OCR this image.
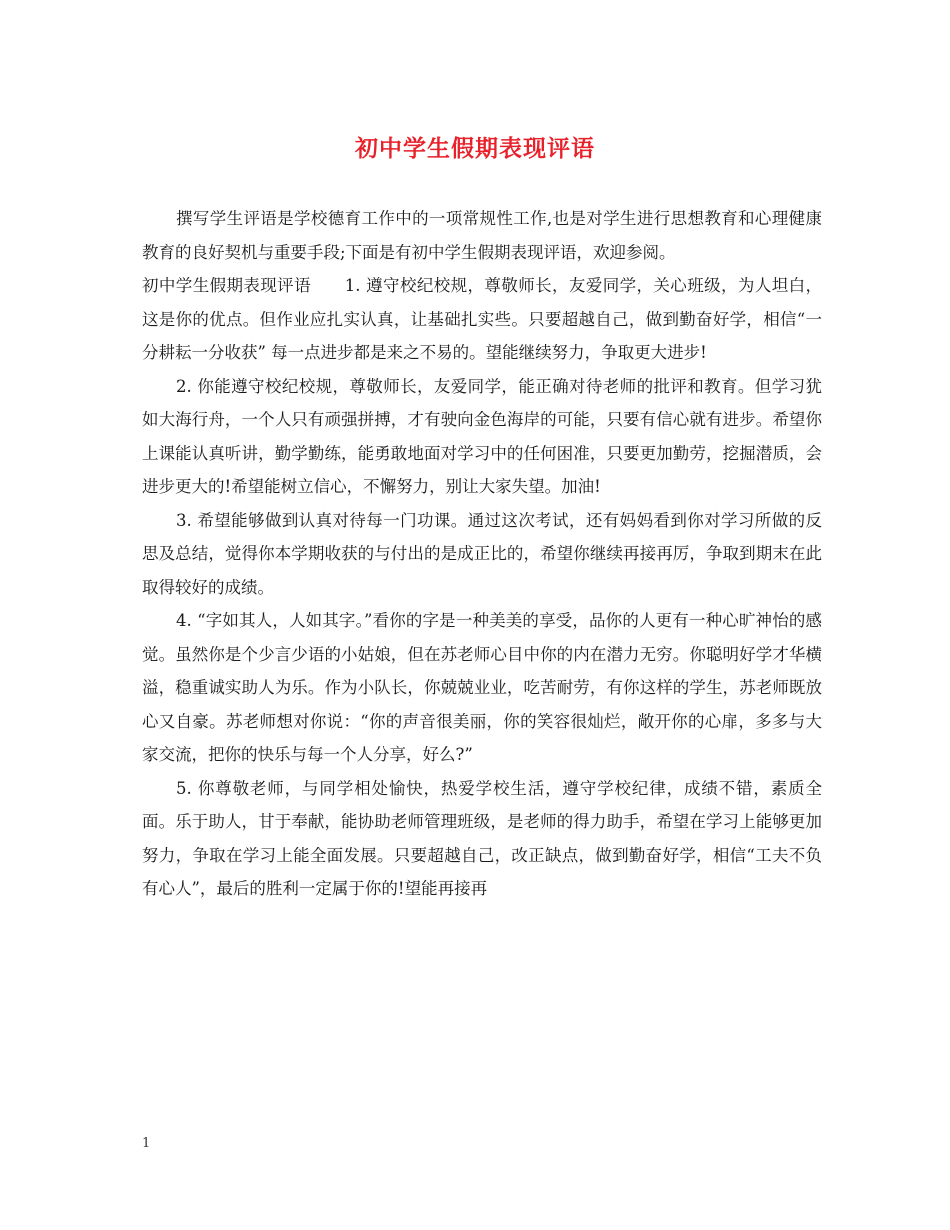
初中学生假期表现评语

撰写学生评语是学校德育工作中的一项常规性工作,也是对学生进行思想教育和心理健康教育的良好契机与重要手段;下面是有初中学生假期表现评语，欢迎参阅。

初中学生假期表现评语　　1. 遵守校纪校规，尊敬师长，友爱同学，关心班级，为人坦白，这是你的优点。但作业应扎实认真，让基础扎实些。只要超越自己，做到勤奋好学，相信“一分耕耘一分收获” 每一点进步都是来之不易的。望能继续努力，争取更大进步!

2. 你能遵守校纪校规，尊敬师长，友爱同学，能正确对待老师的批评和教育。但学习犹如大海行舟，一个人只有顽强拼搏，才有驶向金色海岸的可能，只要有信心就有进步。希望你上课能认真听讲，勤学勤练，能勇敢地面对学习中的任何困准，只要更加勤劳，挖掘潜质，会进步更大的!希望能树立信心，不懈努力，别让大家失望。加油!

3. 希望能够做到认真对待每一门功课。通过这次考试，还有妈妈看到你对学习所做的反思及总结，觉得你本学期收获的与付出的是成正比的，希望你继续再接再厉，争取到期末在此取得较好的成绩。

4. “字如其人，人如其字。”看你的字是一种美美的享受，品你的人更有一种心旷神怡的感觉。虽然你是个少言少语的小姑娘，但在苏老师心目中你的内在潜力无穷。你聪明好学才华横溢，稳重诚实助人为乐。作为小队长，你兢兢业业，吃苦耐劳，有你这样的学生，苏老师既放心又自豪。苏老师想对你说：“你的声音很美丽，你的笑容很灿烂，敞开你的心扉，多多与大家交流，把你的快乐与每一个人分享，好么?”

5. 你尊敬老师，与同学相处愉快，热爱学校生活，遵守学校纪律，成绩不错，素质全面。乐于助人，甘于奉献，能协助老师管理班级，是老师的得力助手，希望在学习上能够更加努力，争取在学习上能全面发展。只要超越自己，改正缺点，做到勤奋好学，相信“工夫不负有心人”，最后的胜利一定属于你的!望能再接再

1
